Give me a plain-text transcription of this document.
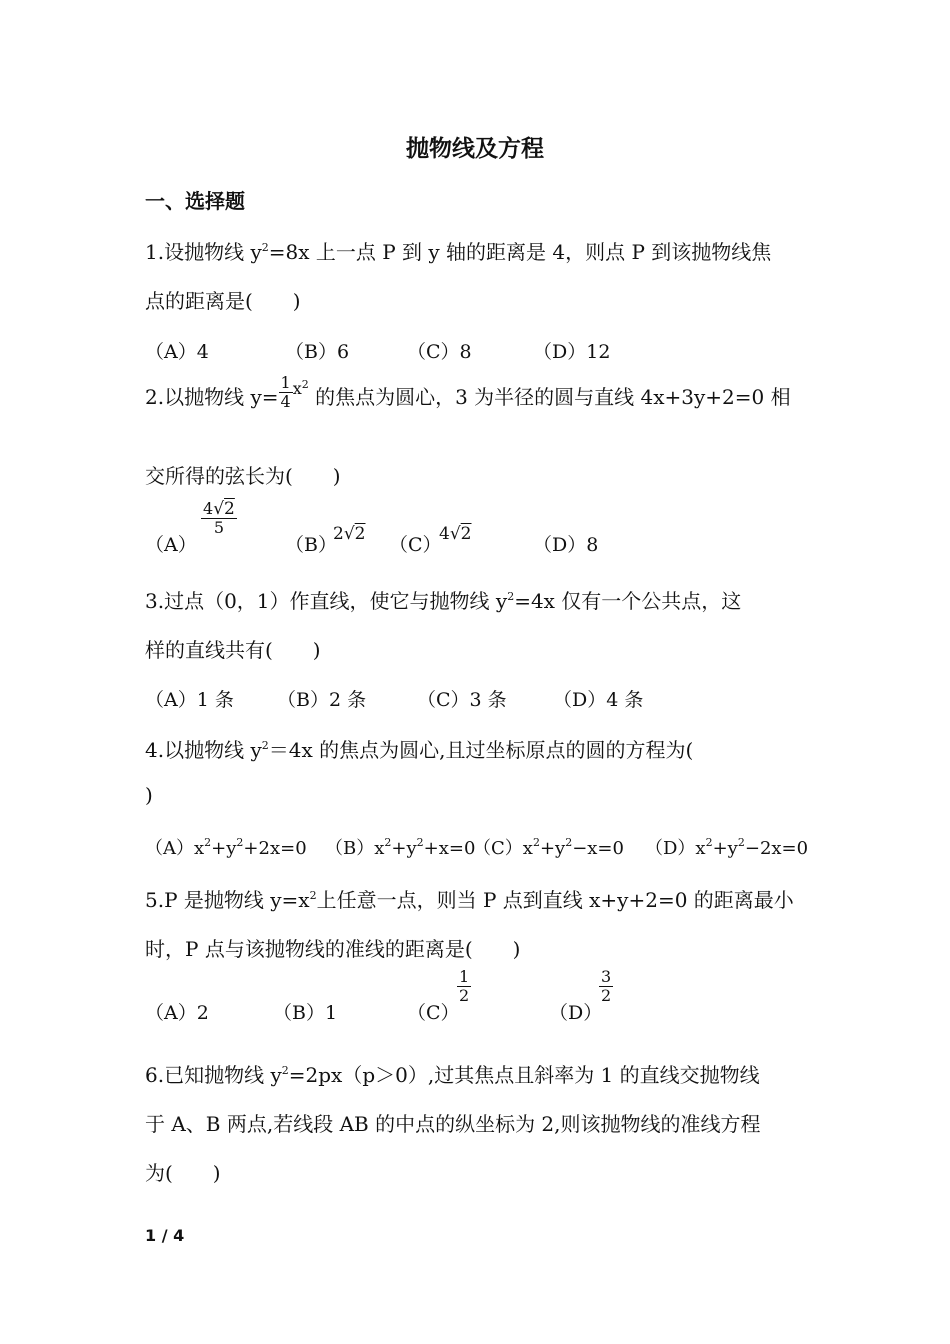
抛物线及方程
一、选择题
1.设抛物线 $y^2=8x$ 上一点 P 到 y 轴的距离是 4，则点 P 到该抛物线焦
点的距离是(　　)
（A）4	（B）6	（C）8	（D）12
2.以抛物线 $y= \frac{1}{4} ^{x2}$ 的焦点为圆心，3 为半径的圆与直线 4x+3y+2=0 相
交所得的弦长为(　　)
（A）
$\frac{4√2}{5}$
（B）
2√2 （C）
4√2	（D）8
3.过点（0，1）作直线，使它与抛物线 $y^2=4x$ 仅有一个公共点，这
样的直线共有(　　)
（A）1 条 （B）2 条	（C）3 条 （D）4 条
4.以抛物线 $y^2=4x$ 的焦点为圆心,且过坐标原点的圆的方程为(
)
$(A)x^2+y^2+2x=0$ $(B)x^2+y^2+x=0$
$(C)x^2+y^2-x=0$ $(D)x^2+y^2-2x=0$
5.P 是抛物线 $y=x^2$上任意一点，则当 P 点到直线 x+y+2=0 的距离最小
时，P 点与该抛物线的准线的距离是(　　)
（A）2	（B）1	（C）
$\frac{1}{2}$
（D）
$\frac{3}{2}$
6.已知抛物线 $y^2=2px(p>0)$,过其焦点且斜率为 1 的直线交抛物线
于 A、B 两点,若线段 AB 的中点的纵坐标为 2,则该抛物线的准线方程
为(　　)
1 / 4
